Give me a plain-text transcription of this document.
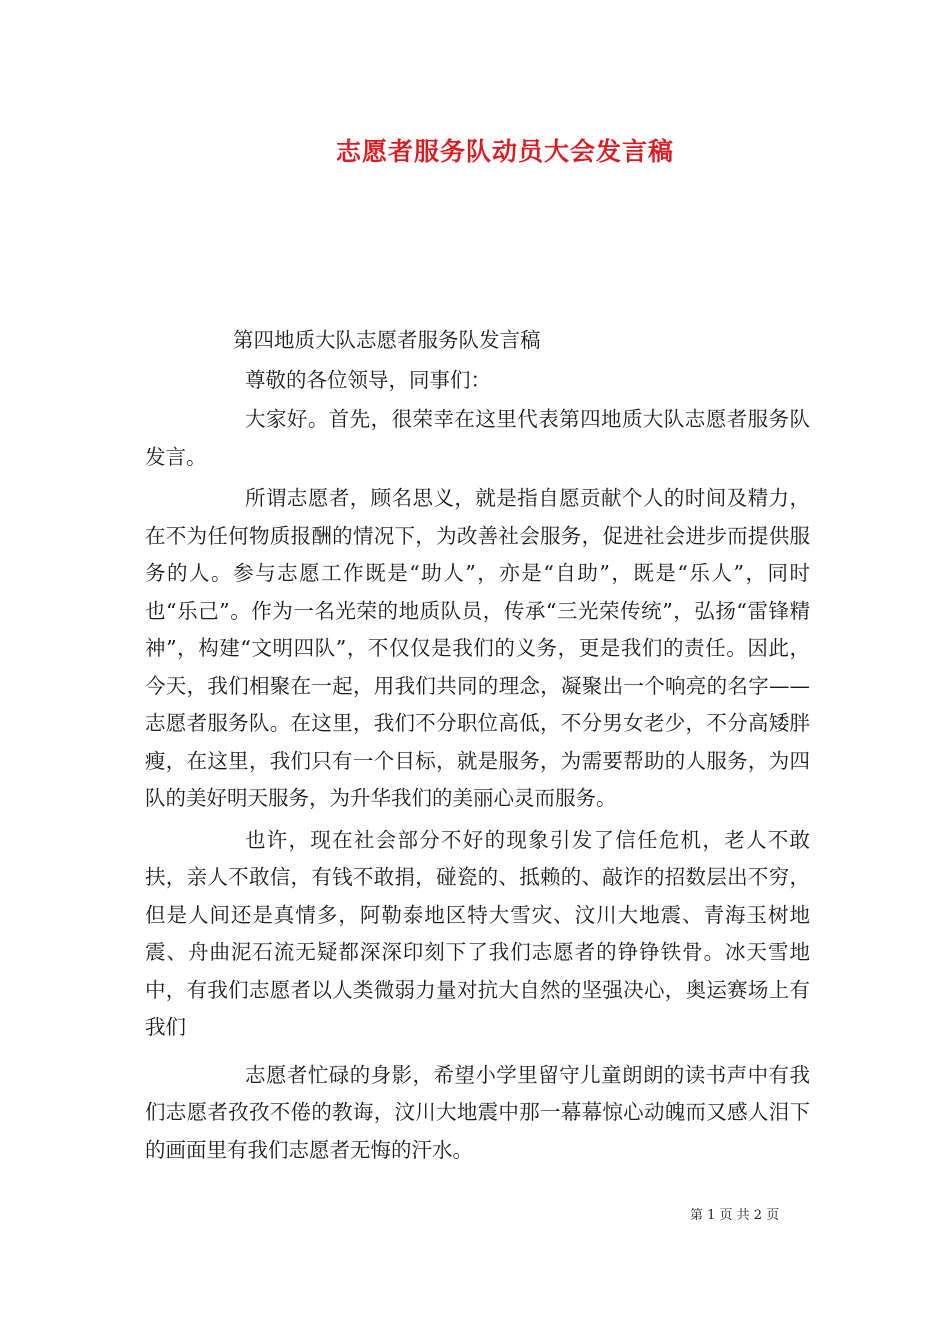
志愿者服务队动员大会发言稿

第四地质大队志愿者服务队发言稿

尊敬的各位领导，同事们：

大家好。首先，很荣幸在这里代表第四地质大队志愿者服务队发言。

所谓志愿者，顾名思义，就是指自愿贡献个人的时间及精力，在不为任何物质报酬的情况下，为改善社会服务，促进社会进步而提供服务的人。参与志愿工作既是“助人”，亦是“自助”，既是“乐人”，同时也“乐己”。作为一名光荣的地质队员，传承“三光荣传统”，弘扬“雷锋精神”，构建“文明四队”，不仅仅是我们的义务，更是我们的责任。因此，今天，我们相聚在一起，用我们共同的理念，凝聚出一个响亮的名字——志愿者服务队。在这里，我们不分职位高低，不分男女老少，不分高矮胖瘦，在这里，我们只有一个目标，就是服务，为需要帮助的人服务，为四队的美好明天服务，为升华我们的美丽心灵而服务。

也许，现在社会部分不好的现象引发了信任危机，老人不敢扶，亲人不敢信，有钱不敢捐，碰瓷的、抵赖的、敲诈的招数层出不穷，但是人间还是真情多，阿勒泰地区特大雪灾、汶川大地震、青海玉树地震、舟曲泥石流无疑都深深印刻下了我们志愿者的铮铮铁骨。冰天雪地中，有我们志愿者以人类微弱力量对抗大自然的坚强决心，奥运赛场上有我们

志愿者忙碌的身影，希望小学里留守儿童朗朗的读书声中有我们志愿者孜孜不倦的教诲，汶川大地震中那一幕幕惊心动魄而又感人泪下的画面里有我们志愿者无悔的汗水。

第 1 页 共 2 页
